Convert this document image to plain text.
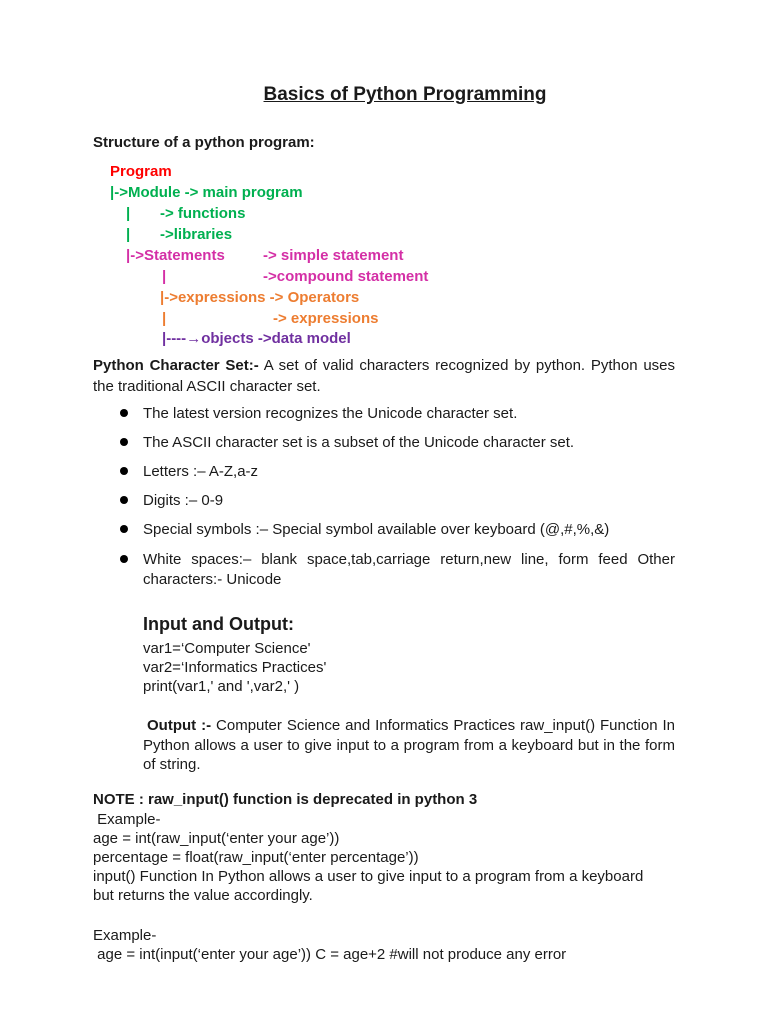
Basics of Python Programming
Structure of a python program:
Program
|->Module -> main program
| -> functions
| ->libraries
|->Statements	-> simple statement
|	->compound statement
|->expressions -> Operators
|	-> expressions
|----→objects ->data model
Python Character Set:- A set of valid characters recognized by python. Python uses the traditional ASCII character set.
The latest version recognizes the Unicode character set.
The ASCII character set is a subset of the Unicode character set.
Letters :– A-Z,a-z
Digits :– 0-9
Special symbols :– Special symbol available over keyboard (@,#,%,&)
White spaces:– blank space,tab,carriage return,new line, form feed Other characters:- Unicode
Input and Output:
var1=‘Computer Science'
var2=‘Informatics Practices'
print(var1,' and ',var2,' )
Output :- Computer Science and Informatics Practices raw_input() Function In Python allows a user to give input to a program from a keyboard but in the form of string.
NOTE : raw_input() function is deprecated in python 3
Example-
age = int(raw_input(‘enter your age’))
percentage = float(raw_input(‘enter percentage’))
input() Function In Python allows a user to give input to a program from a keyboard
but returns the value accordingly.
Example-
age = int(input(‘enter your age’)) C = age+2 #will not produce any error
